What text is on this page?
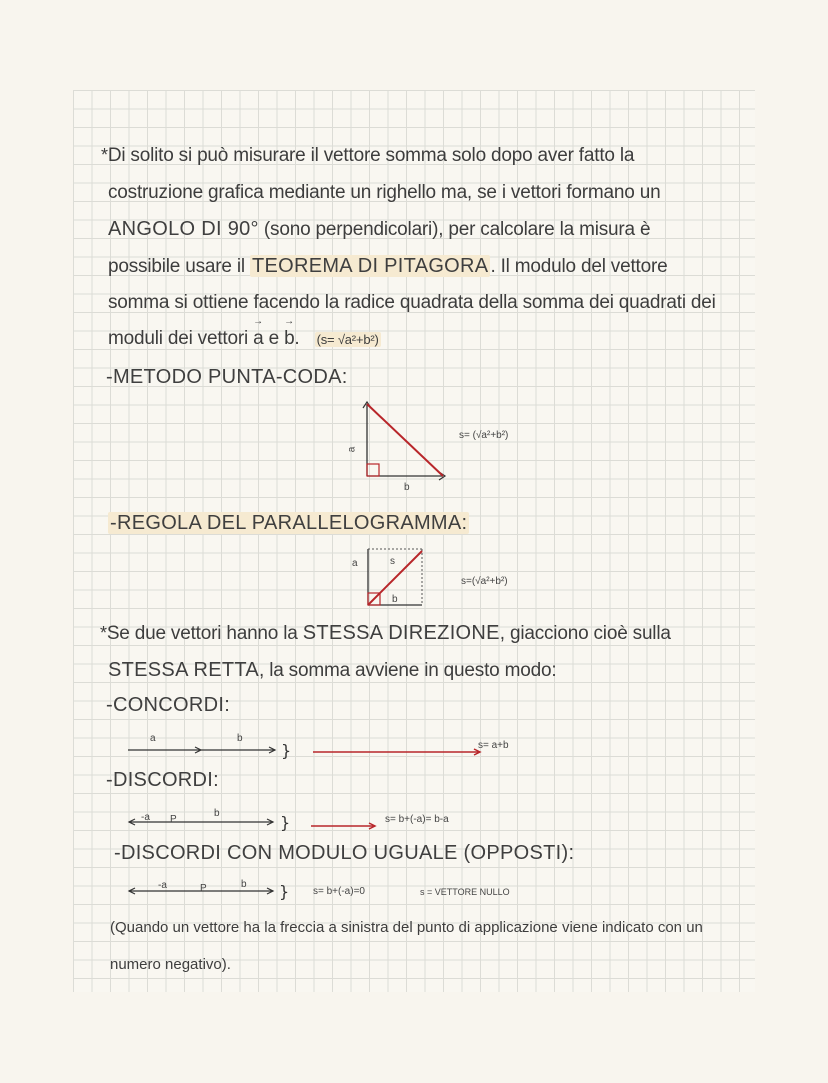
*Di solito si può misurare il vettore somma solo dopo aver fatto la
costruzione grafica mediante un righello ma, se i vettori formano un
ANGOLO DI 90° (sono perpendicolari), per calcolare la misura è
possibile usare il TEOREMA DI PITAGORA . Il modulo del vettore
somma si ottiene facendo la radice quadrata della somma dei quadrati dei
moduli dei vettori a → e b. → (s= √a²+b²)
-METODO PUNTA-CODA:
a
b
s= (√a²+b²)
-REGOLA DEL PARALLELOGRAMMA:
a	s
b
s=(√a²+b²)
*Se due vettori hanno la STESSA DIREZIONE, giacciono cioè sulla
STESSA RETTA, la somma avviene in questo modo:
-CONCORDI:
}
a	b
s= a+b
-DISCORDI:
}
-a P
b
s= b+(-a)= b-a
-DISCORDI CON MODULO UGUALE (OPPOSTI):
}
-a	P	b
s= b+(-a)=0	s = VETTORE NULLO
(Quando un vettore ha la freccia a sinistra del punto di applicazione viene indicato con un
numero negativo).
